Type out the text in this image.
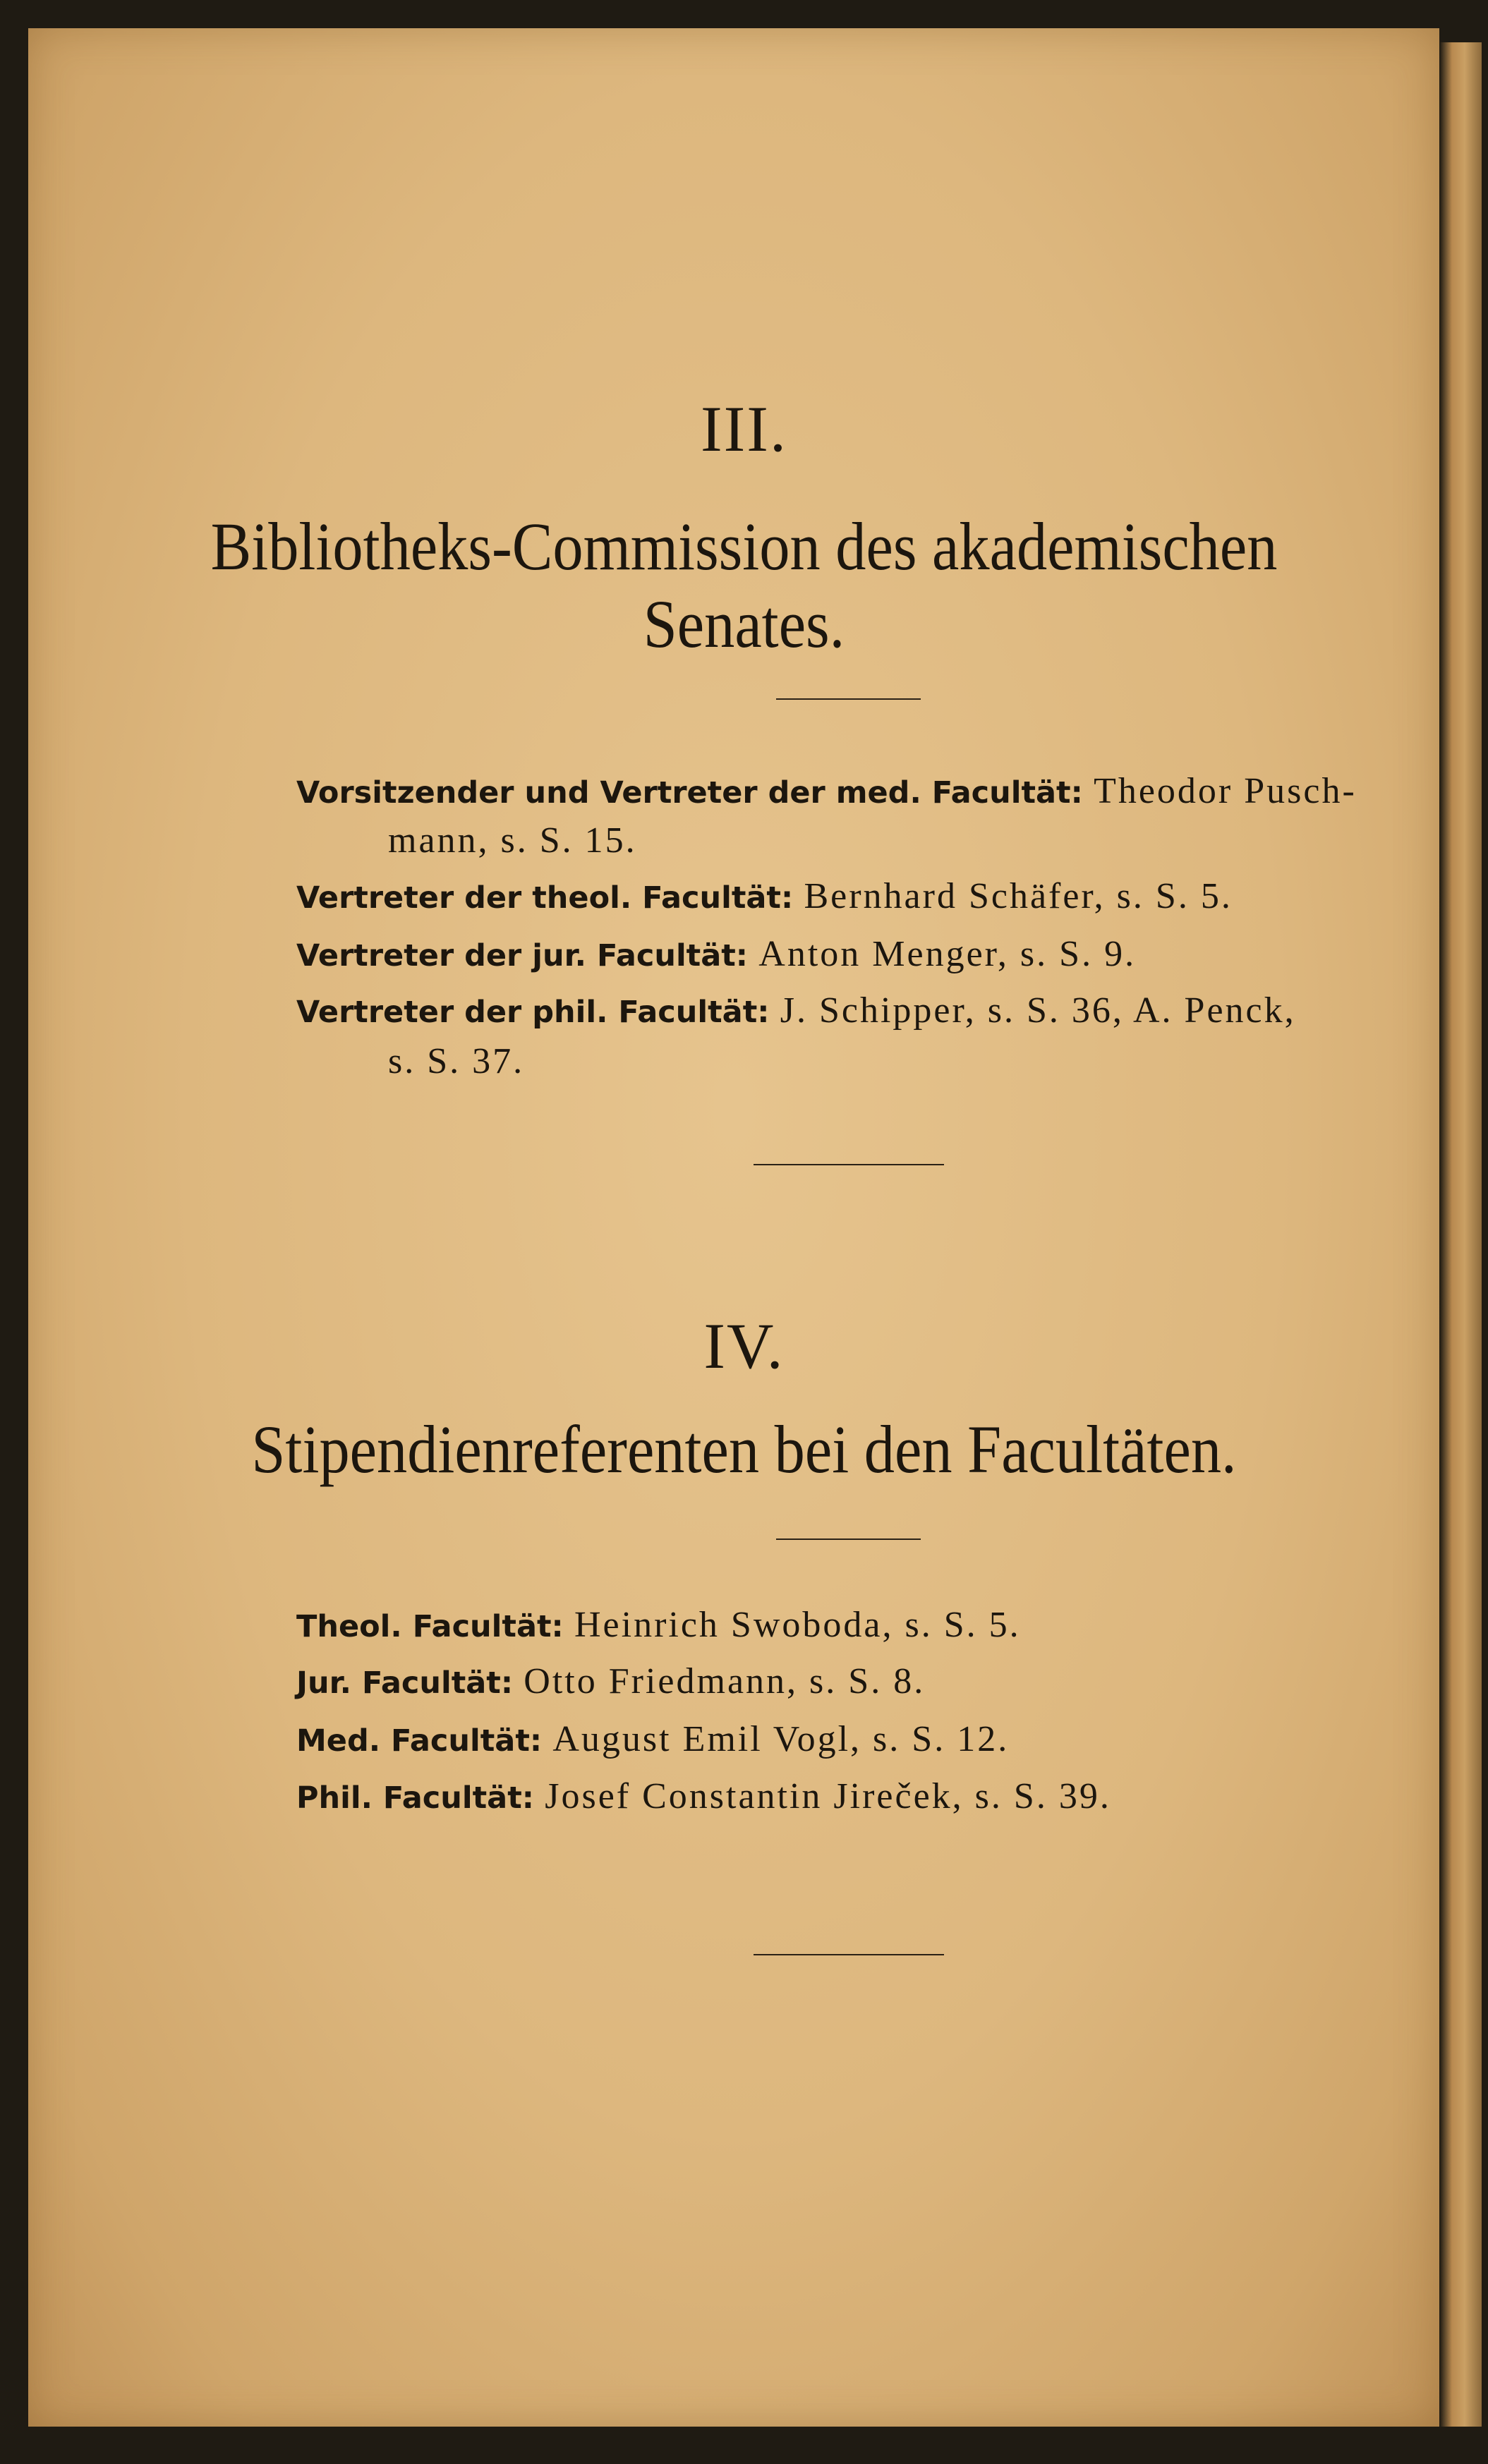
III.
Bibliotheks-Commission des akademischen
Senates.
Vorsitzender und Vertreter der med. Facultät: Theodor Pusch-
mann, s. S. 15.
Vertreter der theol. Facultät: Bernhard Schäfer, s. S. 5.
Vertreter der jur. Facultät: Anton Menger, s. S. 9.
Vertreter der phil. Facultät: J. Schipper, s. S. 36, A. Penck,
s. S. 37.
IV.
Stipendienreferenten bei den Facultäten.
Theol. Facultät: Heinrich Swoboda, s. S. 5.
Jur. Facultät: Otto Friedmann, s. S. 8.
Med. Facultät: August Emil Vogl, s. S. 12.
Phil. Facultät: Josef Constantin Jireček, s. S. 39.
